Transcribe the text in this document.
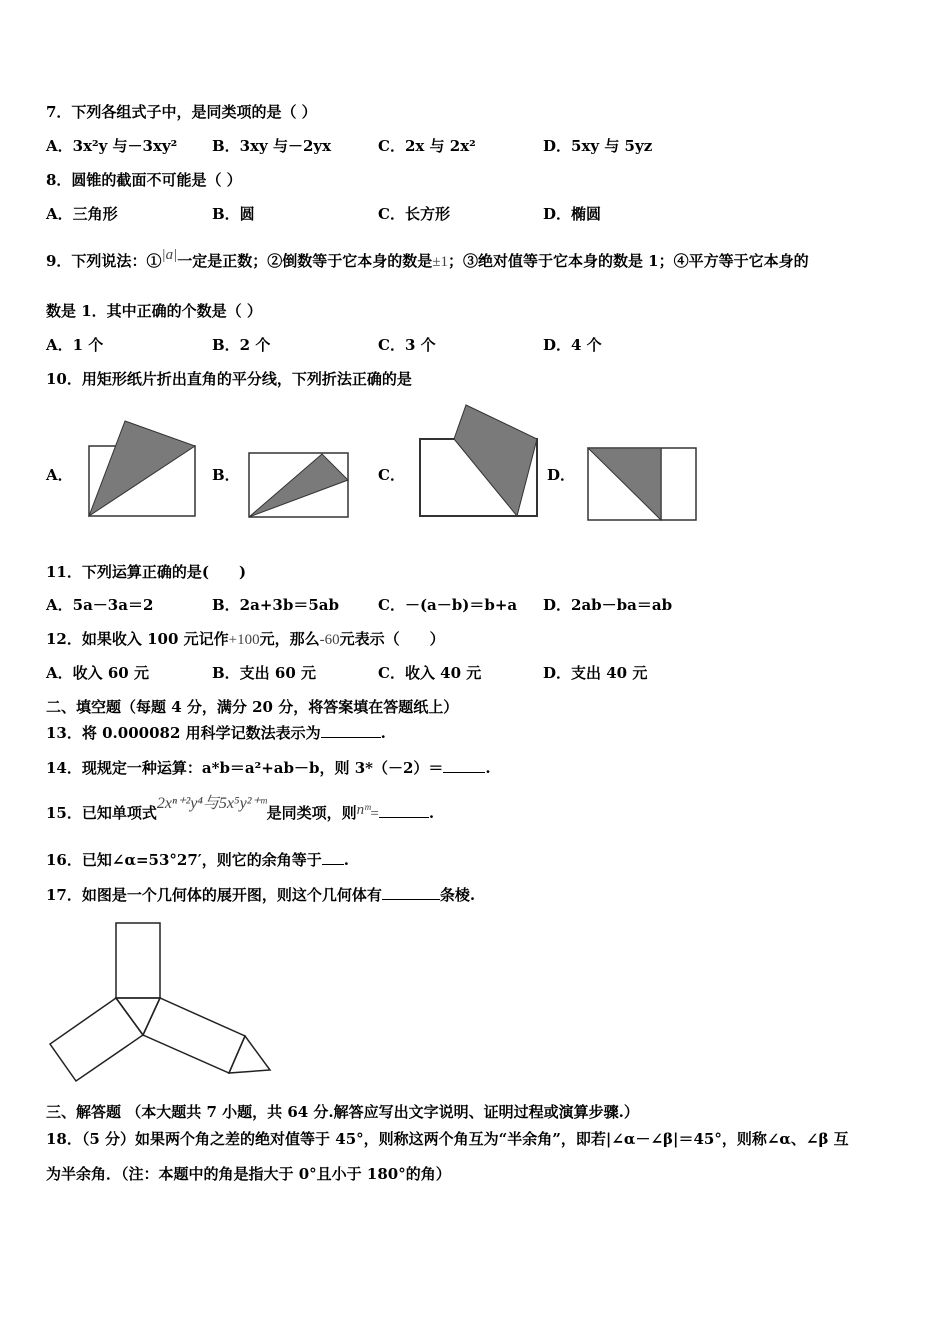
7．下列各组式子中，是同类项的是（ ）
A．3x²y 与－3xy² B．3xy 与－2yx	C．2x 与 2x²	D．5xy 与 5yz
8．圆锥的截面不可能是（ ）
A．三角形	B．圆	C．长方形	D．椭圆
9．下列说法：①|a|一定是正数；②倒数等于它本身的数是±1；③绝对值等于它本身的数是 1；④平方等于它本身的
数是 1．其中正确的个数是（ ）
A．1 个	B．2 个	C．3 个	D．4 个
10．用矩形纸片折出直角的平分线，下列折法正确的是
A．	B．	C．	D．
11．下列运算正确的是(　　)
A．5a－3a＝2	B．2a+3b＝5ab	C．－(a－b)＝b+a D．2ab－ba＝ab
12．如果收入 100 元记作+100元，那么-60元表示（　　）
A．收入 60 元	B．支出 60 元	C．收入 40 元	D．支出 40 元
二、填空题（每题 4 分，满分 20 分，将答案填在答题纸上）
13．将 0.000082 用科学记数法表示为	.
14．现规定一种运算：a*b＝a²+ab－b，则 3*（－2）＝	.
15．已知单项式2xⁿ⁺²y⁴与5x⁵y²⁺ᵐ是同类项，则nᵐ=	.
16．已知∠α=53°27′，则它的余角等于 .
17．如图是一个几何体的展开图，则这个几何体有	条棱.
三、解答题 （本大题共 7 小题，共 64 分.解答应写出文字说明、证明过程或演算步骤.）
18．（5 分）如果两个角之差的绝对值等于 45°，则称这两个角互为“半余角”，即若|∠α－∠β|＝45°，则称∠α、∠β 互
为半余角．（注：本题中的角是指大于 0°且小于 180°的角）
